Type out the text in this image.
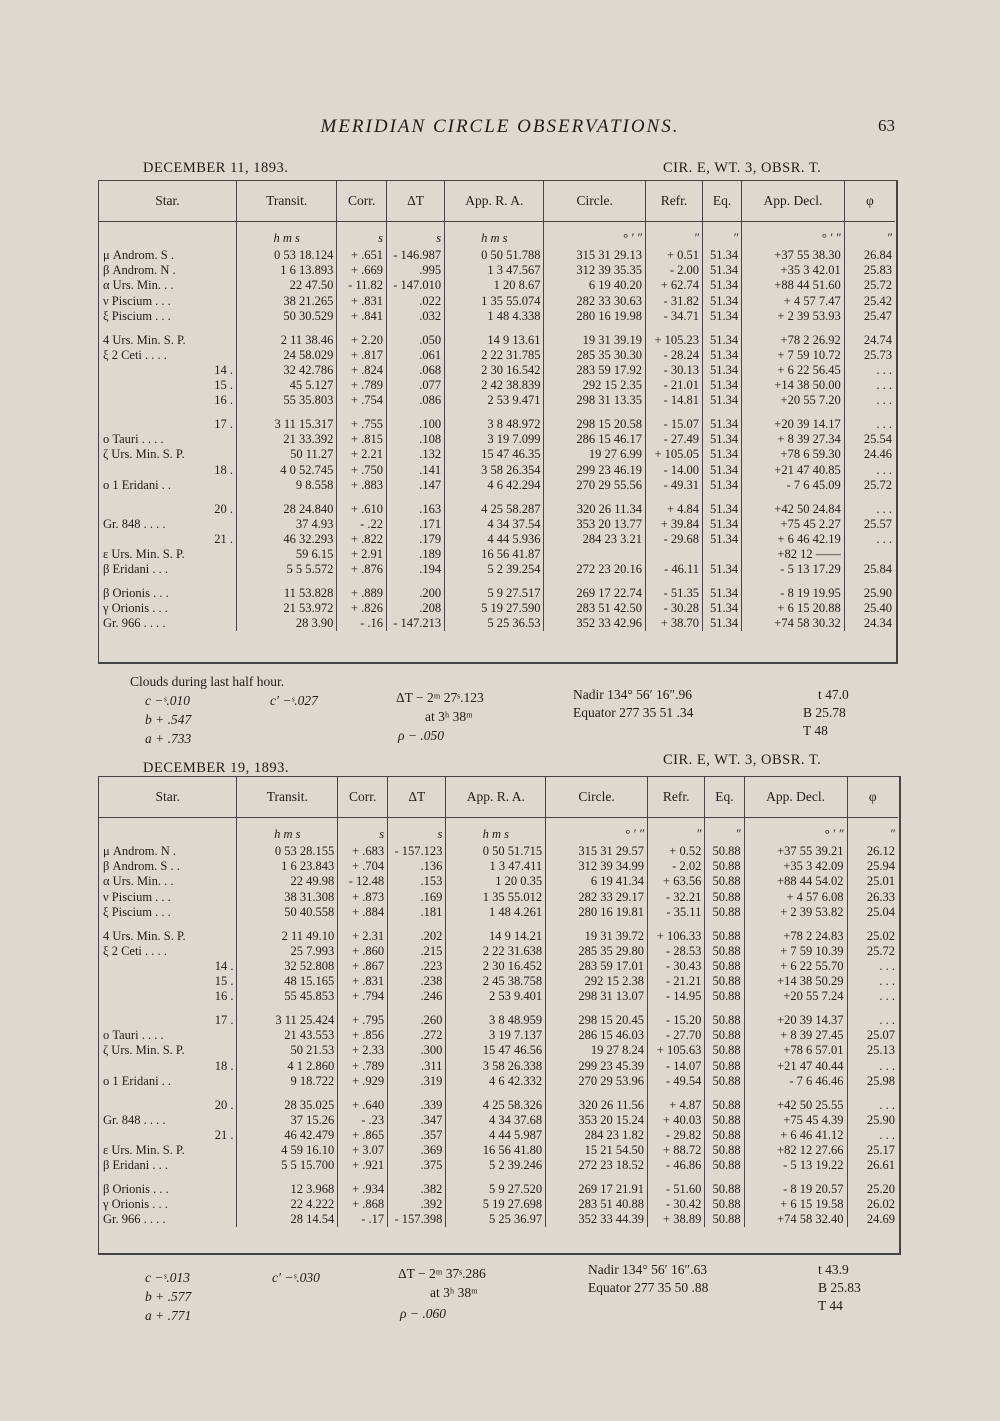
MERIDIAN CIRCLE OBSERVATIONS.	63
DECEMBER 11, 1893.	CIR. E, WT. 3, OBSR. T.
Star.	Transit.	Corr.	ΔT	App. R. A.	Circle.	Refr.	Eq.	App. Decl.	φ
	h m s	s	s	h m s	° ′ ″	″	″	° ′ ″	″
μ Androm. S .	0 53 18.124	+ .651	- 146.987	0 50 51.788	315 31 29.13	+ 0.51	51.34	+37 55 38.30	26.84
β Androm. N .	1 6 13.893	+ .669	.995	1 3 47.567	312 39 35.35	- 2.00	51.34	+35 3 42.01	25.83
α Urs. Min. . .	22 47.50	- 11.82	- 147.010	1 20 8.67	6 19 40.20	+ 62.74	51.34	+88 44 51.60	25.72
ν Piscium . . .	38 21.265	+ .831	.022	1 35 55.074	282 33 30.63	- 31.82	51.34	+ 4 57 7.47	25.42
ξ Piscium . . .	50 30.529	+ .841	.032	1 48 4.338	280 16 19.98	- 34.71	51.34	+ 2 39 53.93	25.47

4 Urs. Min. S. P.	2 11 38.46	+ 2.20	.050	14 9 13.61	19 31 39.19	+ 105.23	51.34	+78 2 26.92	24.74
ξ 2 Ceti . . . .	24 58.029	+ .817	.061	2 22 31.785	285 35 30.30	- 28.24	51.34	+ 7 59 10.72	25.73
14 .	32 42.786	+ .824	.068	2 30 16.542	283 59 17.92	- 30.13	51.34	+ 6 22 56.45	. . .
15 .	45 5.127	+ .789	.077	2 42 38.839	292 15 2.35	- 21.01	51.34	+14 38 50.00	. . .
16 .	55 35.803	+ .754	.086	2 53 9.471	298 31 13.35	- 14.81	51.34	+20 55 7.20	. . .

17 .	3 11 15.317	+ .755	.100	3 8 48.972	298 15 20.58	- 15.07	51.34	+20 39 14.17	. . .
ο Tauri . . . .	21 33.392	+ .815	.108	3 19 7.099	286 15 46.17	- 27.49	51.34	+ 8 39 27.34	25.54
ζ Urs. Min. S. P.	50 11.27	+ 2.21	.132	15 47 46.35	19 27 6.99	+ 105.05	51.34	+78 6 59.30	24.46
18 .	4 0 52.745	+ .750	.141	3 58 26.354	299 23 46.19	- 14.00	51.34	+21 47 40.85	. . .
ο 1 Eridani . .	9 8.558	+ .883	.147	4 6 42.294	270 29 55.56	- 49.31	51.34	- 7 6 45.09	25.72

20 .	28 24.840	+ .610	.163	4 25 58.287	320 26 11.34	+ 4.84	51.34	+42 50 24.84	. . .
Gr. 848 . . . .	37 4.93	- .22	.171	4 34 37.54	353 20 13.77	+ 39.84	51.34	+75 45 2.27	25.57
21 .	46 32.293	+ .822	.179	4 44 5.936	284 23 3.21	- 29.68	51.34	+ 6 46 42.19	. . .
ε Urs. Min. S. P.	59 6.15	+ 2.91	.189	16 56 41.87				+82 12 ——	
β Eridani . . .	5 5 5.572	+ .876	.194	5 2 39.254	272 23 20.16	- 46.11	51.34	- 5 13 17.29	25.84

β Orionis . . .	11 53.828	+ .889	.200	5 9 27.517	269 17 22.74	- 51.35	51.34	- 8 19 19.95	25.90
γ Orionis . . .	21 53.972	+ .826	.208	5 19 27.590	283 51 42.50	- 30.28	51.34	+ 6 15 20.88	25.40
Gr. 966 . . . .	28 3.90	- .16	- 147.213	5 25 36.53	352 33 42.96	+ 38.70	51.34	+74 58 30.32	24.34
Clouds during last half hour.
c −ˢ.010
b + .547
a + .733
c′ −ˢ.027	ΔT − 2ᵐ 27ˢ.123
at 3ʰ 38ᵐ
ρ − .050
Nadir 134° 56′ 16″.96
Equator 277 35 51 .34
t 47.0
B 25.78
T 48
DECEMBER 19, 1893.	CIR. E, WT. 3, OBSR. T.
Star.	Transit.	Corr.	ΔT	App. R. A.	Circle.	Refr.	Eq.	App. Decl.	φ
	h m s	s	s	h m s	° ′ ″	″	″	° ′ ″	″
μ Androm. N .	0 53 28.155	+ .683	- 157.123	0 50 51.715	315 31 29.57	+ 0.52	50.88	+37 55 39.21	26.12
β Androm. S . .	1 6 23.843	+ .704	.136	1 3 47.411	312 39 34.99	- 2.02	50.88	+35 3 42.09	25.94
α Urs. Min. . .	22 49.98	- 12.48	.153	1 20 0.35	6 19 41.34	+ 63.56	50.88	+88 44 54.02	25.01
ν Piscium . . .	38 31.308	+ .873	.169	1 35 55.012	282 33 29.17	- 32.21	50.88	+ 4 57 6.08	26.33
ξ Piscium . . .	50 40.558	+ .884	.181	1 48 4.261	280 16 19.81	- 35.11	50.88	+ 2 39 53.82	25.04

4 Urs. Min. S. P.	2 11 49.10	+ 2.31	.202	14 9 14.21	19 31 39.72	+ 106.33	50.88	+78 2 24.83	25.02
ξ 2 Ceti . . . .	25 7.993	+ .860	.215	2 22 31.638	285 35 29.80	- 28.53	50.88	+ 7 59 10.39	25.72
14 .	32 52.808	+ .867	.223	2 30 16.452	283 59 17.01	- 30.43	50.88	+ 6 22 55.70	. . .
15 .	48 15.165	+ .831	.238	2 45 38.758	292 15 2.38	- 21.21	50.88	+14 38 50.29	. . .
16 .	55 45.853	+ .794	.246	2 53 9.401	298 31 13.07	- 14.95	50.88	+20 55 7.24	. . .

17 .	3 11 25.424	+ .795	.260	3 8 48.959	298 15 20.45	- 15.20	50.88	+20 39 14.37	. . .
ο Tauri . . . .	21 43.553	+ .856	.272	3 19 7.137	286 15 46.03	- 27.70	50.88	+ 8 39 27.45	25.07
ζ Urs. Min. S. P.	50 21.53	+ 2.33	.300	15 47 46.56	19 27 8.24	+ 105.63	50.88	+78 6 57.01	25.13
18 .	4 1 2.860	+ .789	.311	3 58 26.338	299 23 45.39	- 14.07	50.88	+21 47 40.44	. . .
ο 1 Eridani . .	9 18.722	+ .929	.319	4 6 42.332	270 29 53.96	- 49.54	50.88	- 7 6 46.46	25.98

20 .	28 35.025	+ .640	.339	4 25 58.326	320 26 11.56	+ 4.87	50.88	+42 50 25.55	. . .
Gr. 848 . . . .	37 15.26	- .23	.347	4 34 37.68	353 20 15.24	+ 40.03	50.88	+75 45 4.39	25.90
21 .	46 42.479	+ .865	.357	4 44 5.987	284 23 1.82	- 29.82	50.88	+ 6 46 41.12	. . .
ε Urs. Min. S. P.	4 59 16.10	+ 3.07	.369	16 56 41.80	15 21 54.50	+ 88.72	50.88	+82 12 27.66	25.17
β Eridani . . .	5 5 15.700	+ .921	.375	5 2 39.246	272 23 18.52	- 46.86	50.88	- 5 13 19.22	26.61

β Orionis . . .	12 3.968	+ .934	.382	5 9 27.520	269 17 21.91	- 51.60	50.88	- 8 19 20.57	25.20
γ Orionis . . .	22 4.222	+ .868	.392	5 19 27.698	283 51 40.88	- 30.42	50.88	+ 6 15 19.58	26.02
Gr. 966 . . . .	28 14.54	- .17	- 157.398	5 25 36.97	352 33 44.39	+ 38.89	50.88	+74 58 32.40	24.69
c −ˢ.013
b + .577
a + .771
c′ −ˢ.030	ΔT − 2ᵐ 37ˢ.286
at 3ʰ 38ᵐ
ρ − .060
Nadir 134° 56′ 16″.63
Equator 277 35 50 .88
t 43.9
B 25.83
T 44
